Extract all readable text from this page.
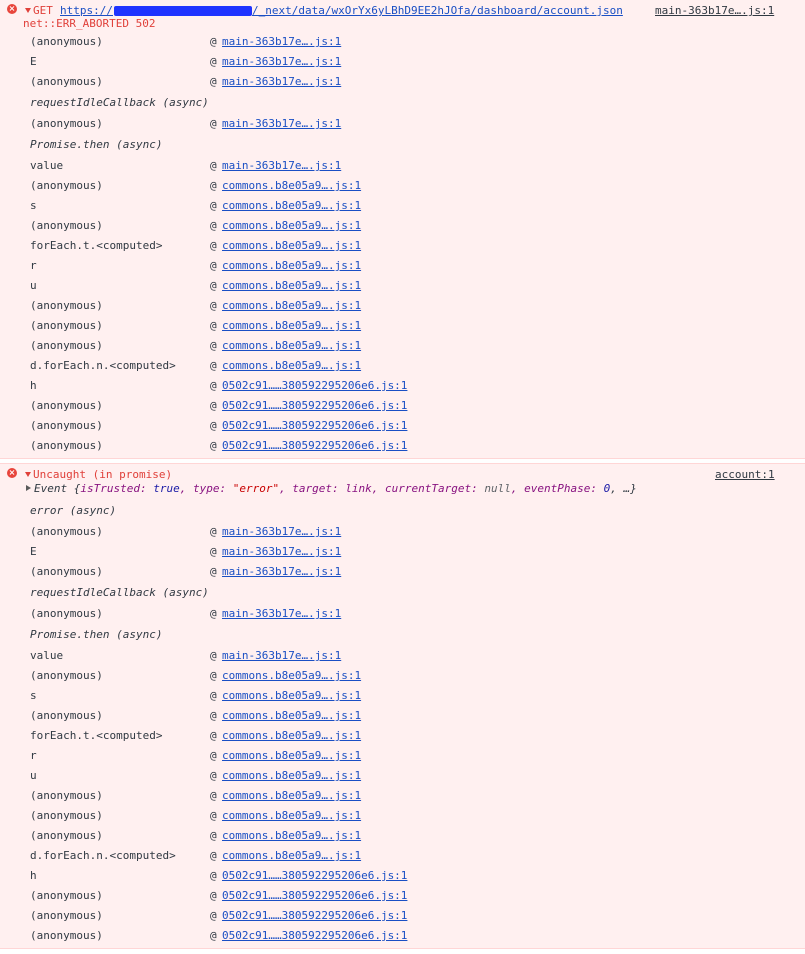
× GET https://	/_next/data/wxOrYx6yLBhD9EE2hJOfa/dashboard/account.json	main-363b17e….js:1
net::ERR_ABORTED 502
(anonymous)	@ main-363b17e….js:1
E	@ main-363b17e….js:1
(anonymous)	@ main-363b17e….js:1
requestIdleCallback (async)
(anonymous)	@ main-363b17e….js:1
Promise.then (async)
value	@ main-363b17e….js:1
(anonymous)	@ commons.b8e05a9….js:1
s	@ commons.b8e05a9….js:1
(anonymous)	@ commons.b8e05a9….js:1
forEach.t.<computed>	@ commons.b8e05a9….js:1
r	@ commons.b8e05a9….js:1
u	@ commons.b8e05a9….js:1
(anonymous)	@ commons.b8e05a9….js:1
(anonymous)	@ commons.b8e05a9….js:1
(anonymous)	@ commons.b8e05a9….js:1
d.forEach.n.<computed>	@ commons.b8e05a9….js:1
h	@ 0502c91……380592295206e6.js:1
(anonymous)	@ 0502c91……380592295206e6.js:1
(anonymous)	@ 0502c91……380592295206e6.js:1
(anonymous)	@ 0502c91……380592295206e6.js:1
× Uncaught (in promise)	account:1
Event {isTrusted: true, type: "error", target: link, currentTarget: null, eventPhase: 0, …}
error (async)
(anonymous)	@ main-363b17e….js:1
E	@ main-363b17e….js:1
(anonymous)	@ main-363b17e….js:1
requestIdleCallback (async)
(anonymous)	@ main-363b17e….js:1
Promise.then (async)
value	@ main-363b17e….js:1
(anonymous)	@ commons.b8e05a9….js:1
s	@ commons.b8e05a9….js:1
(anonymous)	@ commons.b8e05a9….js:1
forEach.t.<computed>	@ commons.b8e05a9….js:1
r	@ commons.b8e05a9….js:1
u	@ commons.b8e05a9….js:1
(anonymous)	@ commons.b8e05a9….js:1
(anonymous)	@ commons.b8e05a9….js:1
(anonymous)	@ commons.b8e05a9….js:1
d.forEach.n.<computed>	@ commons.b8e05a9….js:1
h	@ 0502c91……380592295206e6.js:1
(anonymous)	@ 0502c91……380592295206e6.js:1
(anonymous)	@ 0502c91……380592295206e6.js:1
(anonymous)	@ 0502c91……380592295206e6.js:1
